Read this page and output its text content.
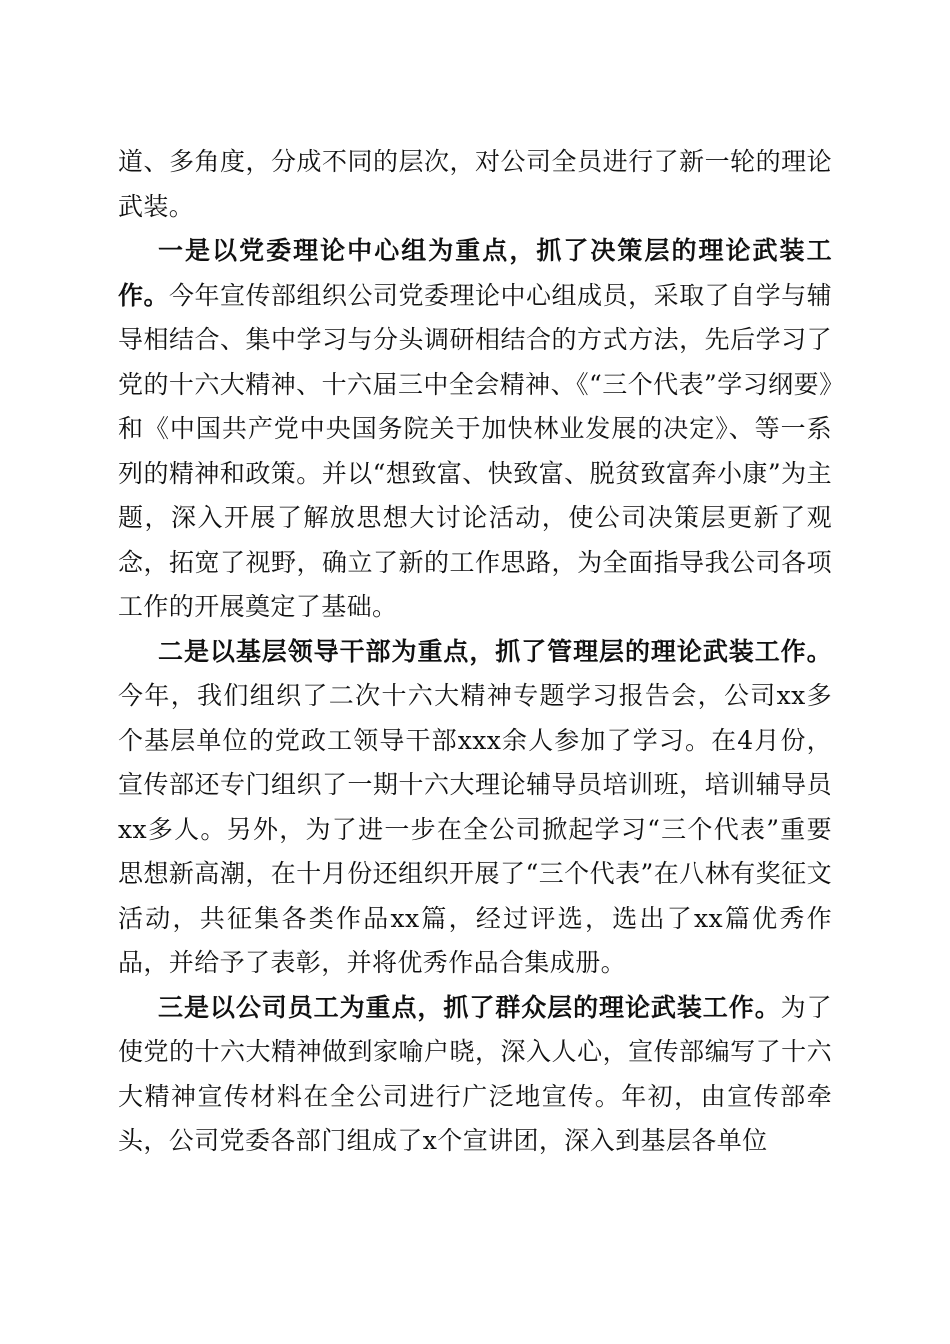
道、多角度，分成不同的层次，对公司全员进行了新一轮的理论武装。

一是以党委理论中心组为重点，抓了决策层的理论武装工作。今年宣传部组织公司党委理论中心组成员，采取了自学与辅导相结合、集中学习与分头调研相结合的方式方法，先后学习了党的十六大精神、十六届三中全会精神、《“三个代表”学习纲要》和《中国共产党中央国务院关于加快林业发展的决定》、等一系列的精神和政策。并以“想致富、快致富、脱贫致富奔小康”为主题，深入开展了解放思想大讨论活动，使公司决策层更新了观念，拓宽了视野，确立了新的工作思路，为全面指导我公司各项工作的开展奠定了基础。

二是以基层领导干部为重点，抓了管理层的理论武装工作。今年，我们组织了二次十六大精神专题学习报告会，公司xx多个基层单位的党政工领导干部xxx余人参加了学习。在4月份，宣传部还专门组织了一期十六大理论辅导员培训班，培训辅导员xx多人。另外，为了进一步在全公司掀起学习“三个代表”重要思想新高潮，在十月份还组织开展了“三个代表”在八林有奖征文活动，共征集各类作品xx篇，经过评选，选出了xx篇优秀作品，并给予了表彰，并将优秀作品合集成册。

三是以公司员工为重点，抓了群众层的理论武装工作。为了使党的十六大精神做到家喻户晓，深入人心，宣传部编写了十六大精神宣传材料在全公司进行广泛地宣传。年初，由宣传部牵头，公司党委各部门组成了x个宣讲团，深入到基层各单位
